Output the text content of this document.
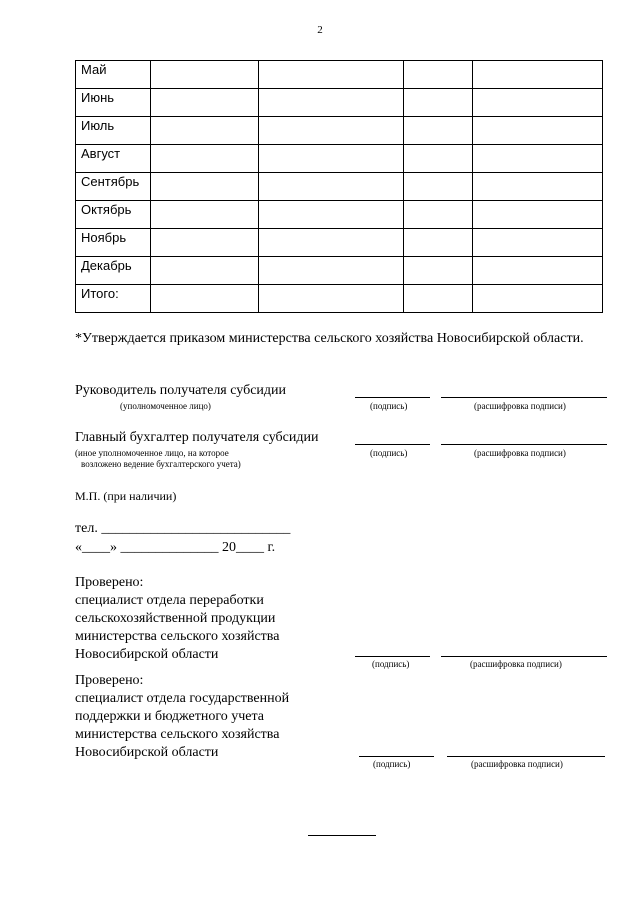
2
Май				
Июнь				
Июль				
Август				
Сентябрь				
Октябрь				
Ноябрь				
Декабрь				
Итого:				
*Утверждается приказом министерства сельского хозяйства Новосибирской области.
Руководитель получателя субсидии
(уполномоченное лицо)	(подпись)	(расшифровка подписи)
Главный бухгалтер получателя субсидии
(иное уполномоченное лицо, на которое
возложено ведение бухгалтерского учета)
(подпись)	(расшифровка подписи)
М.П. (при наличии)
тел. ___________________________
«____» ______________ 20____ г.
Проверено:
специалист отдела переработки
сельскохозяйственной продукции
министерства сельского хозяйства
Новосибирской области
(подпись)	(расшифровка подписи)
Проверено:
специалист отдела государственной
поддержки и бюджетного учета
министерства сельского хозяйства
Новосибирской области
(подпись)	(расшифровка подписи)
